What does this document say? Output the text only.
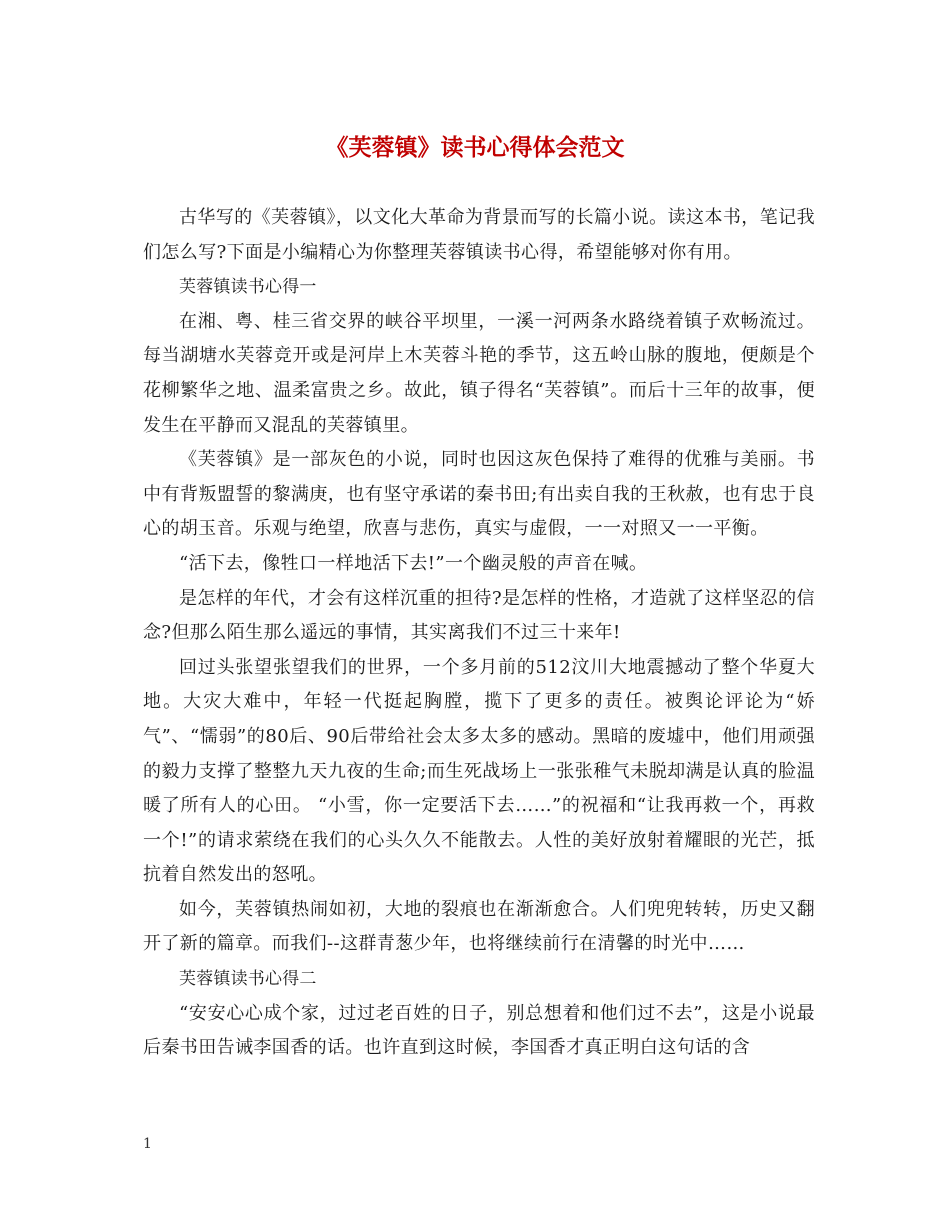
《芙蓉镇》读书心得体会范文

古华写的《芙蓉镇》，以文化大革命为背景而写的长篇小说。读这本书，笔记我们怎么写?下面是小编精心为你整理芙蓉镇读书心得，希望能够对你有用。

芙蓉镇读书心得一

在湘、粤、桂三省交界的峡谷平坝里，一溪一河两条水路绕着镇子欢畅流过。每当湖塘水芙蓉竞开或是河岸上木芙蓉斗艳的季节，这五岭山脉的腹地，便颇是个花柳繁华之地、温柔富贵之乡。故此，镇子得名“芙蓉镇”。而后十三年的故事，便发生在平静而又混乱的芙蓉镇里。

《芙蓉镇》是一部灰色的小说，同时也因这灰色保持了难得的优雅与美丽。书中有背叛盟誓的黎满庚，也有坚守承诺的秦书田;有出卖自我的王秋赦，也有忠于良心的胡玉音。乐观与绝望，欣喜与悲伤，真实与虚假，一一对照又一一平衡。

“活下去，像牲口一样地活下去!”一个幽灵般的声音在喊。

是怎样的年代，才会有这样沉重的担待?是怎样的性格，才造就了这样坚忍的信念?但那么陌生那么遥远的事情，其实离我们不过三十来年!

回过头张望张望我们的世界，一个多月前的512汶川大地震撼动了整个华夏大地。大灾大难中，年轻一代挺起胸膛，揽下了更多的责任。被舆论评论为“娇气”、“懦弱”的80后、90后带给社会太多太多的感动。黑暗的废墟中，他们用顽强的毅力支撑了整整九天九夜的生命;而生死战场上一张张稚气未脱却满是认真的脸温暖了所有人的心田。 “小雪，你一定要活下去……”的祝福和“让我再救一个，再救一个!”的请求萦绕在我们的心头久久不能散去。人性的美好放射着耀眼的光芒，抵抗着自然发出的怒吼。

如今，芙蓉镇热闹如初，大地的裂痕也在渐渐愈合。人们兜兜转转，历史又翻开了新的篇章。而我们--这群青葱少年，也将继续前行在清馨的时光中……

芙蓉镇读书心得二

“安安心心成个家，过过老百姓的日子，别总想着和他们过不去”，这是小说最后秦书田告诫李国香的话。也许直到这时候，李国香才真正明白这句话的含

1
